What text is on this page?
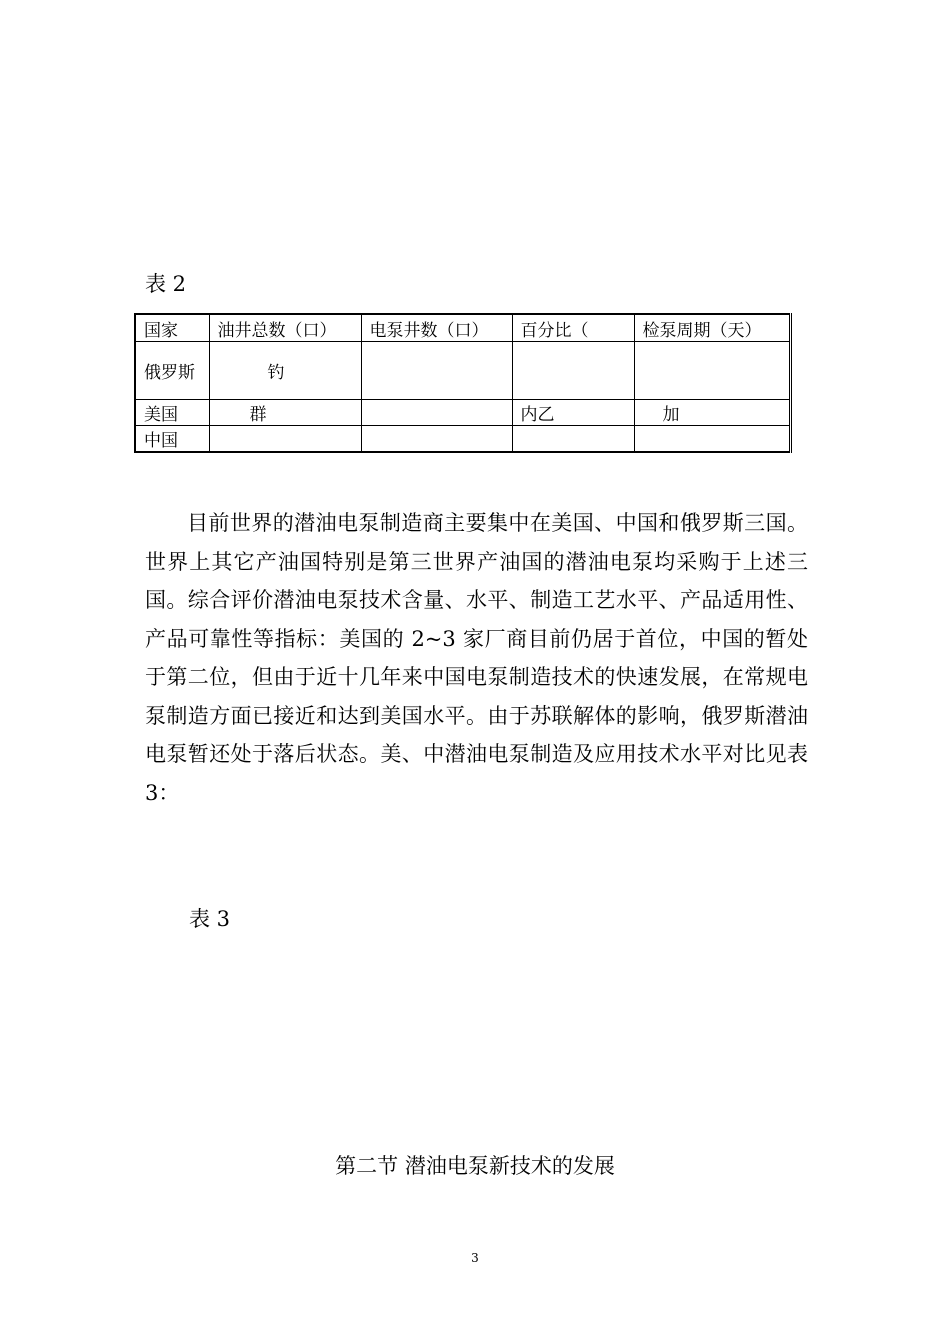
表 2
国家	油井总数（口）	电泵井数（口）	百分比（	检泵周期（天）
俄罗斯	钓			
美国	群		内乙	加
中国				

目前世界的潜油电泵制造商主要集中在美国、中国和俄罗斯三国。世界上其它产油国特别是第三世界产油国的潜油电泵均采购于上述三国。综合评价潜油电泵技术含量、水平、制造工艺水平、产品适用性、产品可靠性等指标：美国的 2~3 家厂商目前仍居于首位，中国的暂处于第二位，但由于近十几年来中国电泵制造技术的快速发展，在常规电泵制造方面已接近和达到美国水平。由于苏联解体的影响，俄罗斯潜油电泵暂还处于落后状态。美、中潜油电泵制造及应用技术水平对比见表 3：

表 3
第二节 潜油电泵新技术的发展
3
